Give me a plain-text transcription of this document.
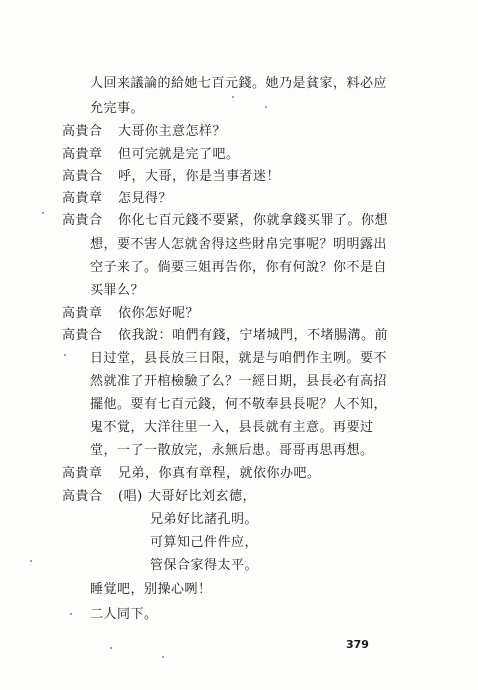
人回来議論的給她七百元錢。她乃是貧家，料必应
允完事。
高貴合 大哥你主意怎样？
高貴章 但可完就是完了吧。
高貴合 呼，大哥，你是当事者迷！
高貴章 怎見得？
高貴合 你化七百元錢不要紧，你就拿錢买罪了。你想
想，要不害人怎就舍得这些財帛完事呢？明明露出
空子来了。倘要三姐再告你，你有何說？你不是自
买罪么？
高貴章 依你怎好呢？
高貴合 依我說：咱們有錢，宁堵城門，不堵腸溝。前
日过堂，县長放三日限，就是与咱們作主咧。要不
然就准了开棺檢驗了么？一經日期，县長必有高招
擺他。要有七百元錢，何不敬奉县長呢？人不知，
鬼不覚，大洋往里一入，县長就有主意。再要过
堂，一了一散放完，永無后患。哥哥再思再想。
高貴章 兄弟，你真有章程，就依你办吧。
高貴合 (唱) 大哥好比刘玄德，
兄弟好比諸孔明。
可算知己件件应，
管保合家得太平。
睡覚吧，别操心咧！
二人同下。
379
